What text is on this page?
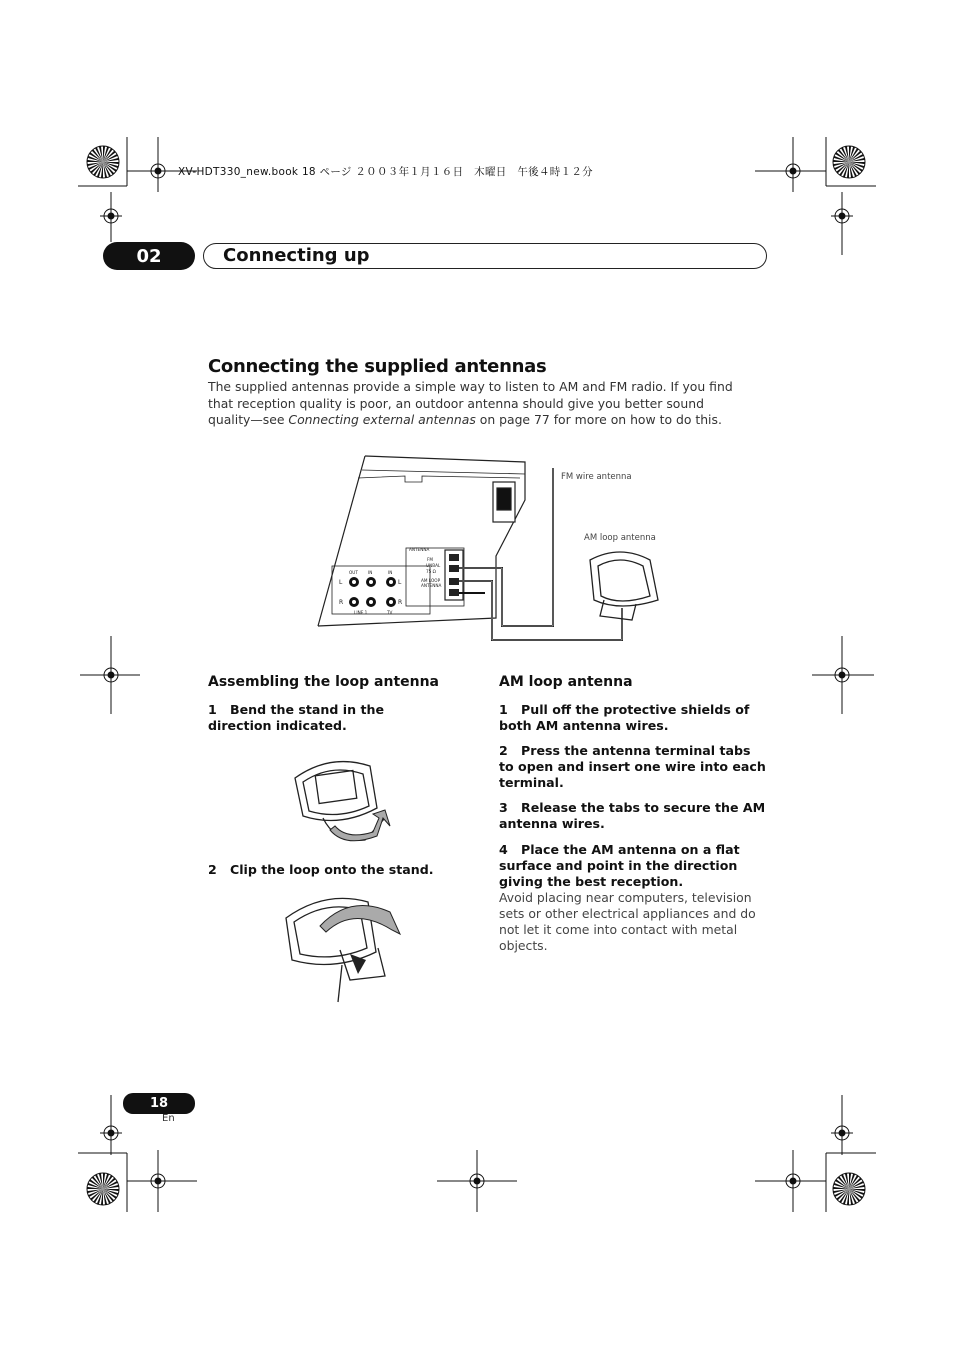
XV-HDT330_new.book 18 ページ ２００３年１月１６日　木曜日　午後４時１２分
02	Connecting up
Connecting the supplied antennas
The supplied antennas provide a simple way to listen to AM and FM radio. If you find that reception quality is poor, an outdoor antenna should give you better sound quality—see Connecting external antennas on page 77 for more on how to do this.
FM wire antenna
AM loop antenna
ANTENNA
FM
UNBAL
75 Ω
AM LOOP
ANTENNA
OUT IN	IN
L	L
R	R
LINE 1	TV
Assembling the loop antenna
1 Bend the stand in the direction indicated.
2 Clip the loop onto the stand.
AM loop antenna
1 Pull off the protective shields of both AM antenna wires.
2 Press the antenna terminal tabs to open and insert one wire into each terminal.
3 Release the tabs to secure the AM antenna wires.
4 Place the AM antenna on a flat surface and point in the direction giving the best reception.
Avoid placing near computers, television sets or other electrical appliances and do not let it come into contact with metal objects.
18
En
